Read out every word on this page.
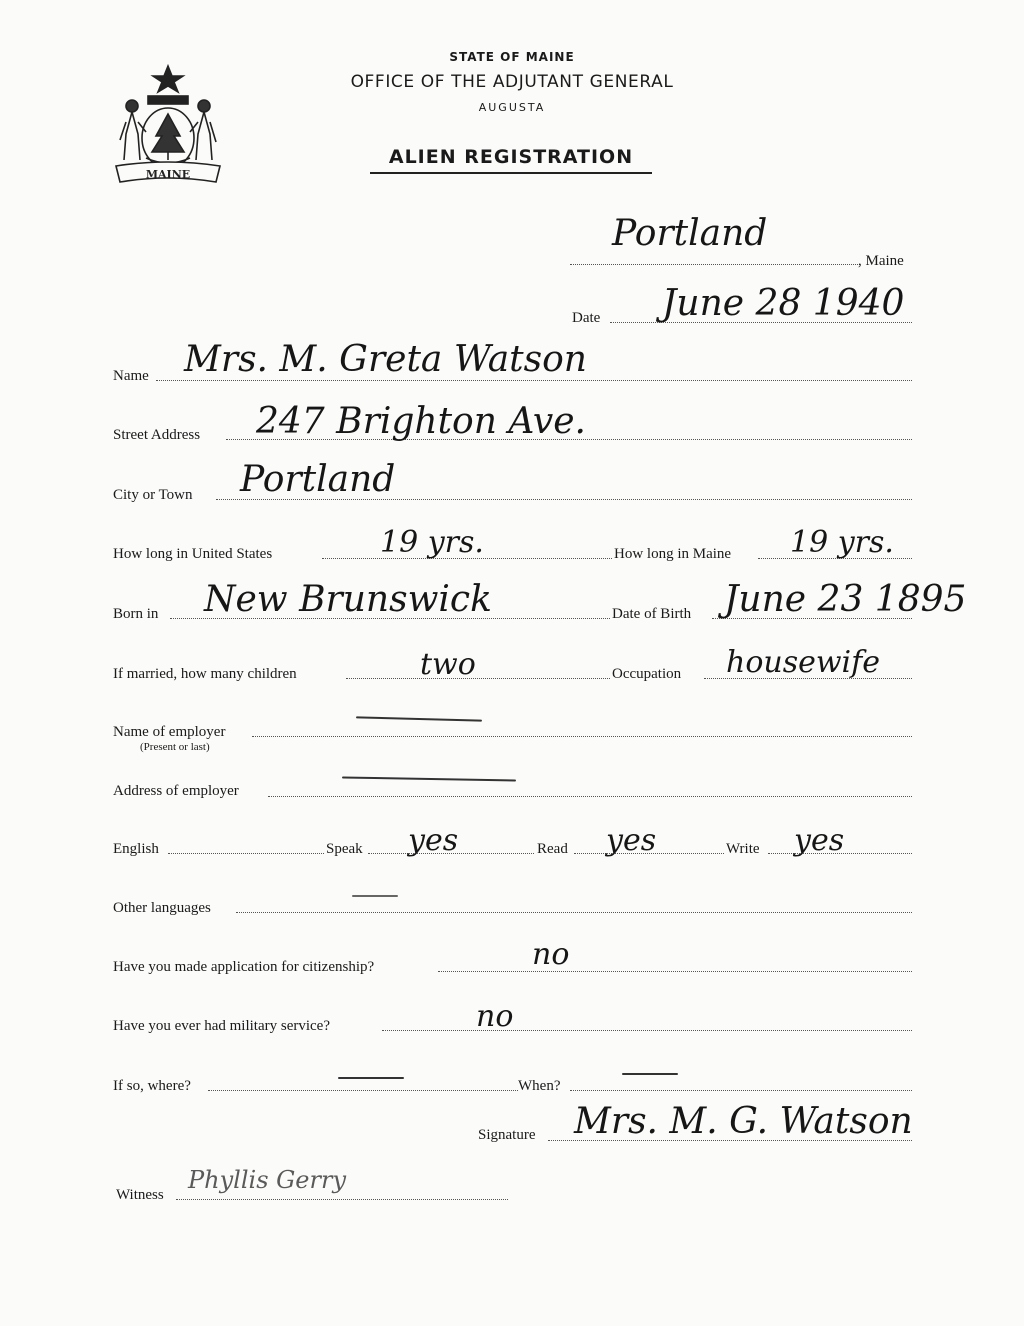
MAINE
STATE OF MAINE
OFFICE OF THE ADJUTANT GENERAL
AUGUSTA
ALIEN REGISTRATION
Portland
, Maine
Date June 28 1940
Name Mrs. M. Greta Watson
Street Address 247 Brighton Ave.
City or Town Portland
How long in United States	19 yrs.	How long in Maine 19 yrs.
Born in New Brunswick	Date of Birth June 23 1895
If married, how many children	two	Occupation housewife
Name of employer
(Present or last)
Address of employer
English	Speak yes	Read yes	Write yes
Other languages
Have you made application for citizenship?	no
Have you ever had military service?	no
If so, where?	When?
Signature Mrs. M. G. Watson
Witness
Phyllis Gerry
